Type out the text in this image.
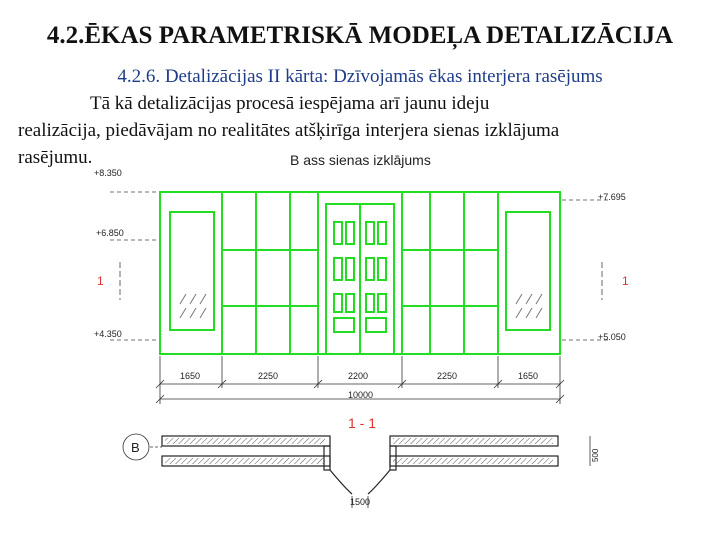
4.2.ĒKAS PARAMETRISKĀ MODEĻA DETALIZĀCIJA
4.2.6. Detalizācijas II kārta: Dzīvojamās ēkas interjera rasējums
Tā kā detalizācijas procesā iespējama arī jaunu ideju
realizācija, piedāvājam no realitātes atšķirīga interjera sienas izklājuma
rasējumu.	B ass sienas izklājums
+8.350
+6.850
+4.350
1
+7.695
+5.050
1
1650	2250	2200	2250	1650
10000
1 - 1
B
1500
500
